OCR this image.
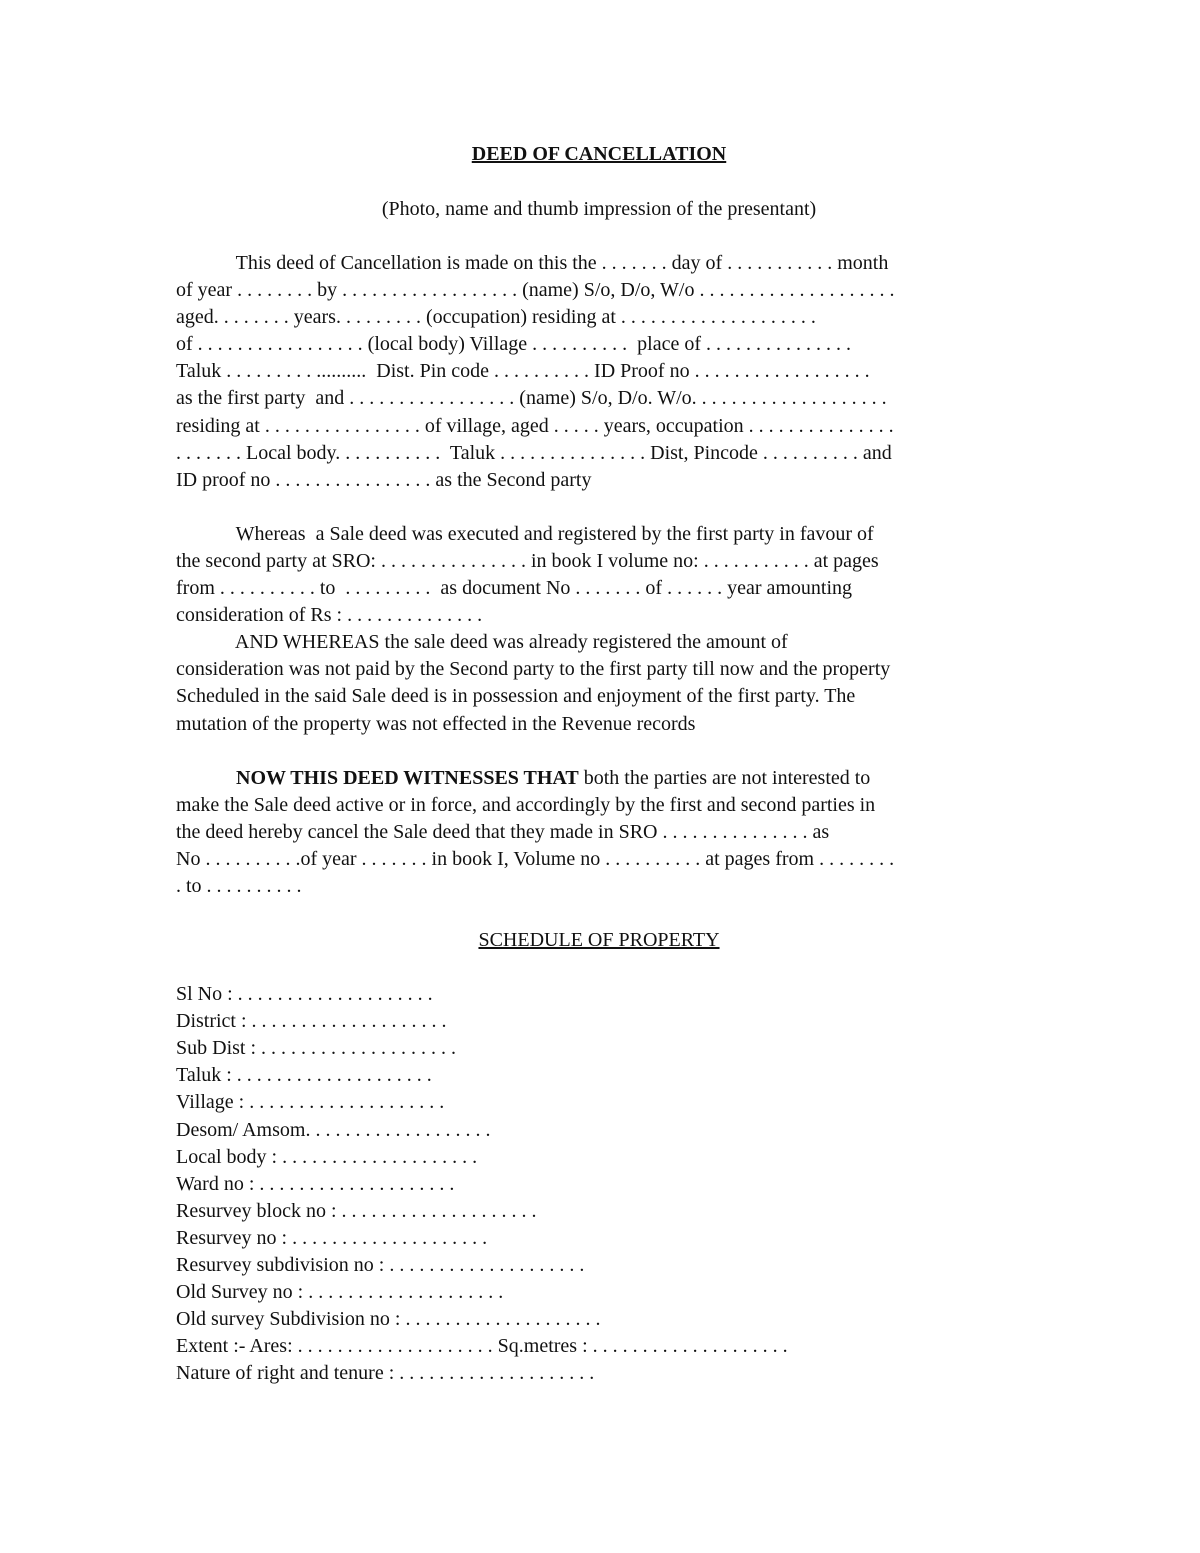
DEED OF CANCELLATION
(Photo, name and thumb impression of the presentant)
This deed of Cancellation is made on this the . . . . . . . day of . . . . . . . . . . . month
of year . . . . . . . . by . . . . . . . . . . . . . . . . . . (name) S/o, D/o, W/o . . . . . . . . . . . . . . . . . . . .
aged. . . . . . . . years. . . . . . . . . (occupation) residing at . . . . . . . . . . . . . . . . . . . .
of . . . . . . . . . . . . . . . . . (local body) Village . . . . . . . . . .  place of . . . . . . . . . . . . . . .
Taluk . . . . . . . . . ..........  Dist. Pin code . . . . . . . . . . ID Proof no . . . . . . . . . . . . . . . . . .
as the first party  and . . . . . . . . . . . . . . . . . (name) S/o, D/o. W/o. . . . . . . . . . . . . . . . . . . .
residing at . . . . . . . . . . . . . . . . of village, aged . . . . . years, occupation . . . . . . . . . . . . . . .
. . . . . . . Local body. . . . . . . . . . .  Taluk . . . . . . . . . . . . . . . Dist, Pincode . . . . . . . . . . and
ID proof no . . . . . . . . . . . . . . . . as the Second party
Whereas  a Sale deed was executed and registered by the first party in favour of
the second party at SRO: . . . . . . . . . . . . . . . in book I volume no: . . . . . . . . . . . at pages
from . . . . . . . . . . to  . . . . . . . . .  as document No . . . . . . . of . . . . . . year amounting
consideration of Rs : . . . . . . . . . . . . . .
AND WHEREAS the sale deed was already registered the amount of
consideration was not paid by the Second party to the first party till now and the property
Scheduled in the said Sale deed is in possession and enjoyment of the first party. The
mutation of the property was not effected in the Revenue records
NOW THIS DEED WITNESSES THAT both the parties are not interested to
make the Sale deed active or in force, and accordingly by the first and second parties in
the deed hereby cancel the Sale deed that they made in SRO . . . . . . . . . . . . . . . as
No . . . . . . . . . .of year . . . . . . . in book I, Volume no . . . . . . . . . . at pages from . . . . . . . .
. to . . . . . . . . . .
SCHEDULE OF PROPERTY
Sl No : . . . . . . . . . . . . . . . . . . . .
District : . . . . . . . . . . . . . . . . . . . .
Sub Dist : . . . . . . . . . . . . . . . . . . . .
Taluk : . . . . . . . . . . . . . . . . . . . .
Village : . . . . . . . . . . . . . . . . . . . .
Desom/ Amsom. . . . . . . . . . . . . . . . . . .
Local body : . . . . . . . . . . . . . . . . . . . .
Ward no : . . . . . . . . . . . . . . . . . . . .
Resurvey block no : . . . . . . . . . . . . . . . . . . . .
Resurvey no : . . . . . . . . . . . . . . . . . . . .
Resurvey subdivision no : . . . . . . . . . . . . . . . . . . . .
Old Survey no : . . . . . . . . . . . . . . . . . . . .
Old survey Subdivision no : . . . . . . . . . . . . . . . . . . . .
Extent :- Ares: . . . . . . . . . . . . . . . . . . . . Sq.metres : . . . . . . . . . . . . . . . . . . . .
Nature of right and tenure : . . . . . . . . . . . . . . . . . . . .
